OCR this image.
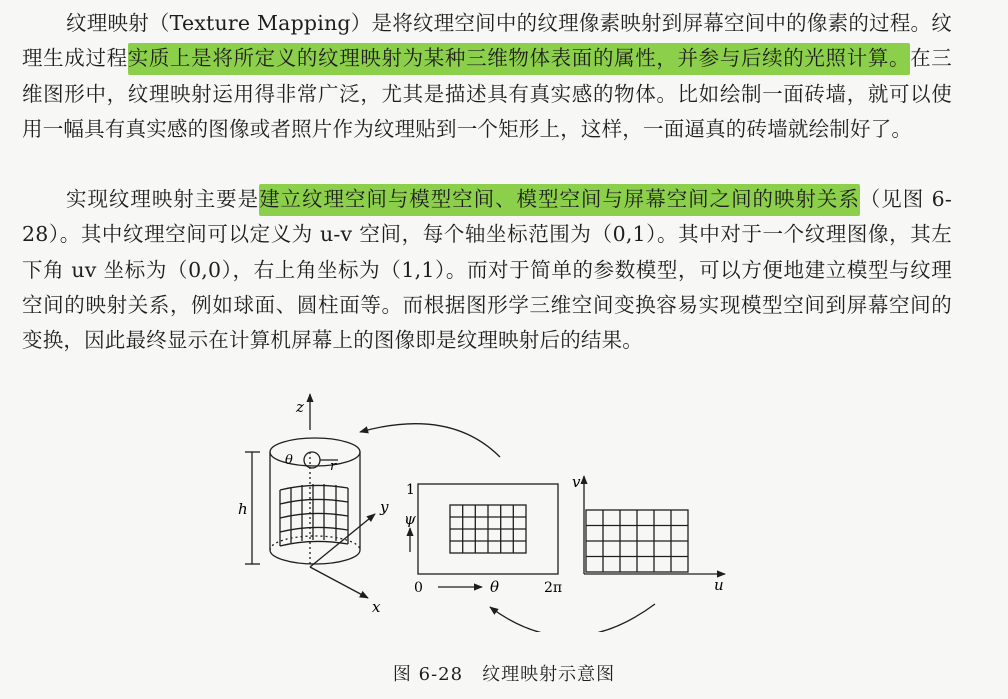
纹理映射（Texture Mapping）是将纹理空间中的纹理像素映射到屏幕空间中的像素的过程。纹理生成过程实质上是将所定义的纹理映射为某种三维物体表面的属性，并参与后续的光照计算。在三维图形中，纹理映射运用得非常广泛，尤其是描述具有真实感的物体。比如绘制一面砖墙，就可以使用一幅具有真实感的图像或者照片作为纹理贴到一个矩形上，这样，一面逼真的砖墙就绘制好了。

实现纹理映射主要是建立纹理空间与模型空间、模型空间与屏幕空间之间的映射关系（见图 6-28）。其中纹理空间可以定义为 u-v 空间，每个轴坐标范围为（0,1）。其中对于一个纹理图像，其左下角 uv 坐标为（0,0），右上角坐标为（1,1）。而对于简单的参数模型，可以方便地建立模型与纹理空间的映射关系，例如球面、圆柱面等。而根据图形学三维空间变换容易实现模型空间到屏幕空间的变换，因此最终显示在计算机屏幕上的图像即是纹理映射后的结果。

z
y
x
h
θ	r
1
ψ
0	θ	2π
v
u
图 6-28　纹理映射示意图
